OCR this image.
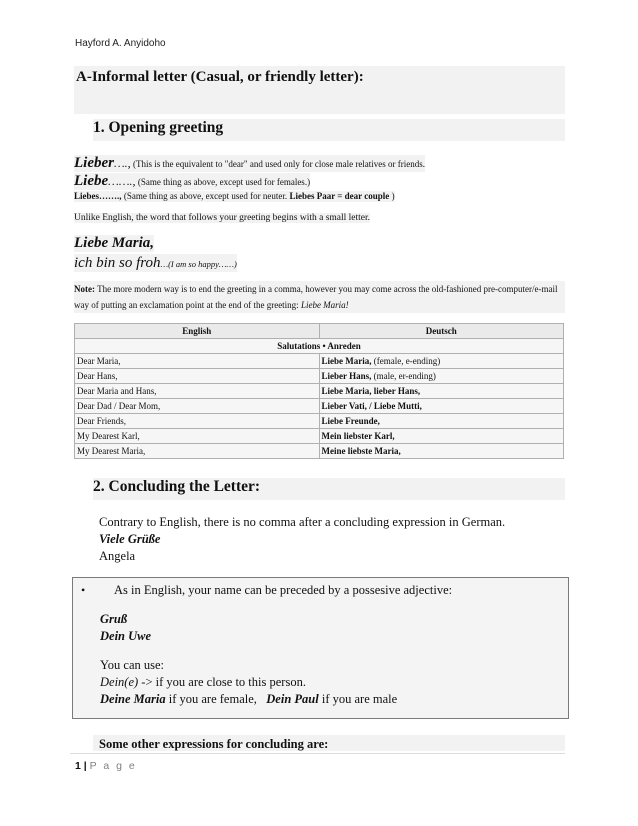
Hayford A. Anyidoho
A-Informal letter (Casual, or friendly letter):
1. Opening greeting
Lieber…., (This is the equivalent to "dear" and used only for close male relatives or friends.
Liebe……., (Same thing as above, except used for females.)
Liebes……., (Same thing as above, except used for neuter. Liebes Paar = dear couple )
Unlike English, the word that follows your greeting begins with a small letter.
Liebe Maria,
ich bin so froh…(I am so happy……)
Note: The more modern way is to end the greeting in a comma, however you may come across the old-fashioned pre-computer/e-mail way of putting an exclamation point at the end of the greeting: Liebe Maria!
English	Deutsch
Salutations • Anreden	
Dear Maria,	Liebe Maria, (female, e-ending)
Dear Hans,	Lieber Hans, (male, er-ending)
Dear Maria and Hans,	Liebe Maria, lieber Hans,
Dear Dad / Dear Mom,	Lieber Vati, / Liebe Mutti,
Dear Friends,	Liebe Freunde,
My Dearest Karl,	Mein liebster Karl,
My Dearest Maria,	Meine liebste Maria,
2. Concluding the Letter:
Contrary to English, there is no comma after a concluding expression in German.
Viele Grüße
Angela
•	As in English, your name can be preceded by a possesive adjective:
Gruß
Dein Uwe
You can use:
Dein(e) -> if you are close to this person.
Deine Maria if you are female,   Dein Paul if you are male
Some other expressions for concluding are:
1 | P a g e
